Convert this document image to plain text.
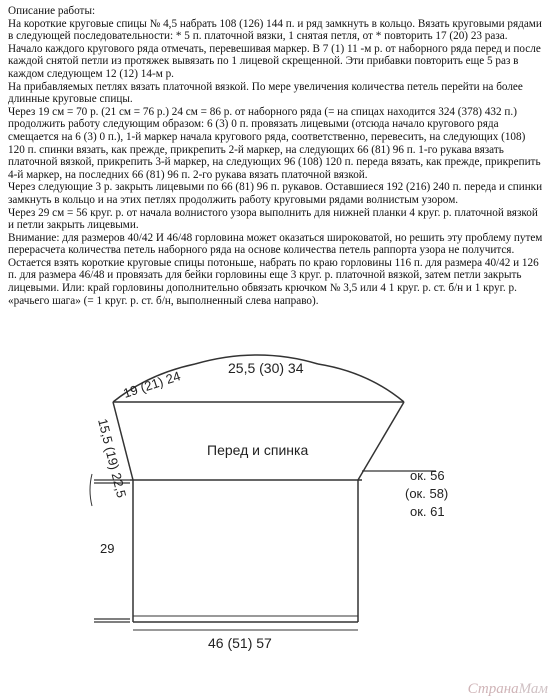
Описание работы:

На короткие круговые спицы № 4,5 набрать 108 (126) 144 п. и ряд замкнуть в кольцо. Вязать круговыми рядами в следующей последовательности: * 5 п. платочной вязки, 1 снятая петля, от * повторить 17 (20) 23 раза.

Начало каждого кругового ряда отмечать, перевешивая маркер. В 7 (1) 11 -м р. от наборного ряда перед и после каждой снятой петли из протяжек вывязать по 1 лицевой скрещенной. Эти прибавки повторить еще 5 раз в каждом следующем 12 (12) 14-м р.

На прибавляемых петлях вязать платочной вязкой. По мере увеличения количества петель перейти на более длинные круговые спицы.

Через 19 см = 70 р. (21 см = 76 р.) 24 см = 86 р. от наборного ряда (= на спицах находится 324 (378) 432 п.) продолжить работу следующим образом: 6 (3) 0 п. провязать лицевыми (отсюда начало кругового ряда смещается на 6 (3) 0 п.), 1-й маркер начала кругового ряда, соответственно, перевесить, на следующих (108) 120 п. спинки вязать, как прежде, прикрепить 2-й маркер, на следующих 66 (81) 96 п. 1-го рукава вязать платочной вязкой, прикрепить 3-й маркер, на следующих 96 (108) 120 п. переда вязать, как прежде, прикрепить 4-й маркер, на последних 66 (81) 96 п. 2-го рукава вязать платочной вязкой.

Через следующие 3 р. закрыть лицевыми по 66 (81) 96 п. рукавов. Оставшиеся 192 (216) 240 п. переда и спинки замкнуть в кольцо и на этих петлях продолжить работу круговыми рядами волнистым узором.

Через 29 см = 56 круг. р. от начала волнистого узора выполнить для нижней планки 4 круг. р. платочной вязкой и петли закрыть лицевыми.

Внимание: для размеров 40/42 И 46/48 горловина может оказаться широковатой, но решить эту проблему путем перерасчета количества петель наборного ряда на основе количества петель раппорта узора не получится.

Остается взять короткие круговые спицы потоньше, набрать по краю горловины 116 п. для размера 40/42 и 126 п. для размера 46/48 и провязать для бейки горловины еще 3 круг. р. платочной вязкой, затем петли закрыть лицевыми. Или: край горловины дополнительно обвязать крючком № 3,5 или 4 1 круг. р. ст. б/н и 1 круг. р. «рачьего шага» (= 1 круг. р. ст. б/н, выполненный слева направо).

25,5 (30) 34
19 (21) 24
15,5 (19) 22,5	Перед и спинка
ок. 56
(ок. 58)
ок. 61
29
46 (51) 57
СтранаМам
